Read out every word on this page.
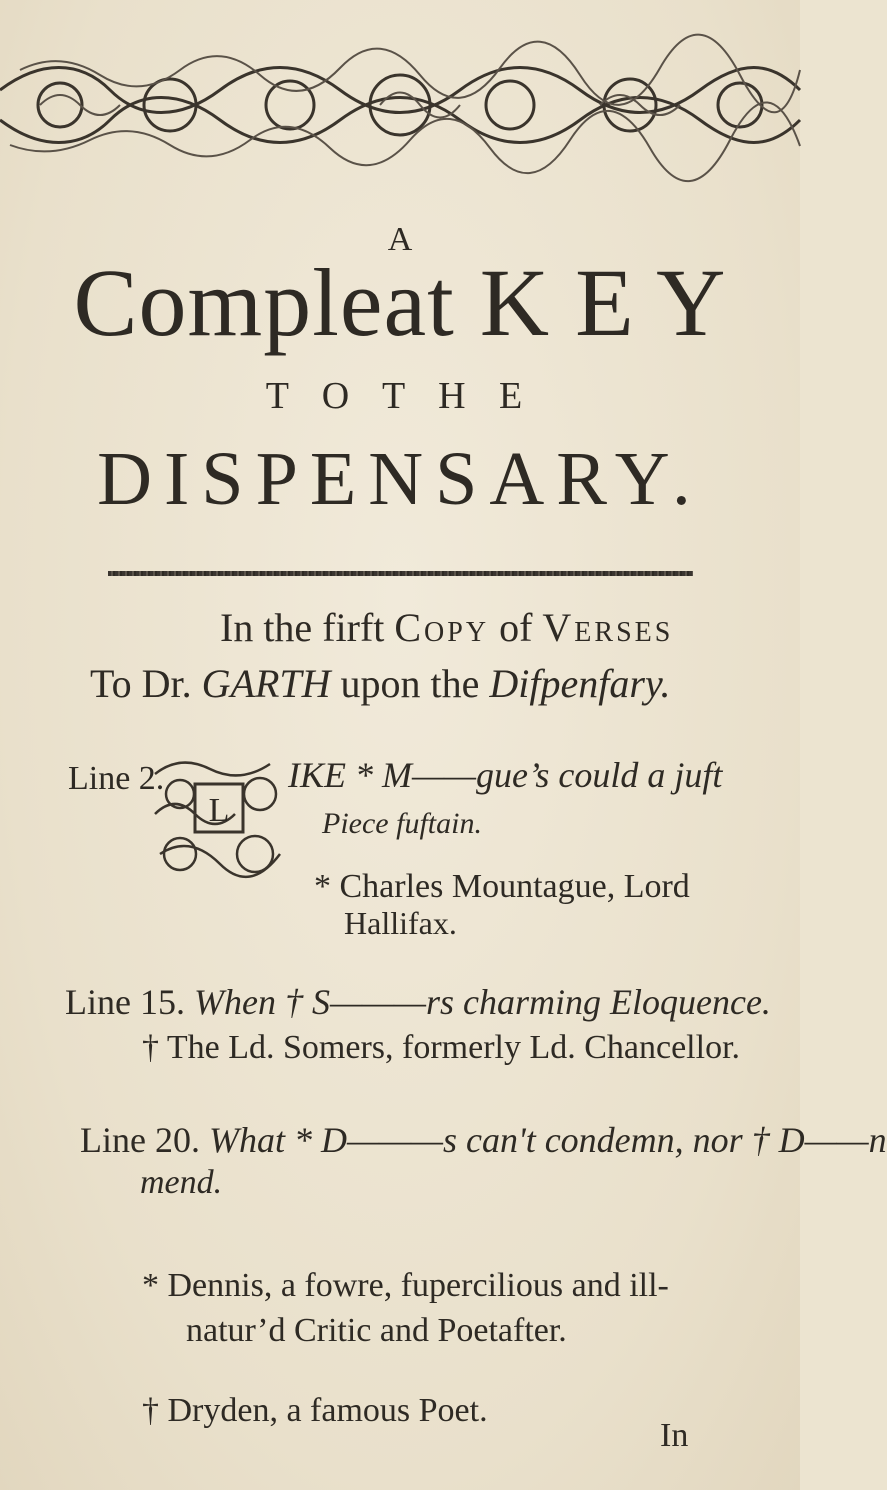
A
Compleat K E Y
T O T H E
DISPENSARY.
In the firft Copy of Verses
To Dr. GARTH upon the Difpenfary.
Line 2.
L
IKE * M——gue’s could a juft
Piece fuftain.
* Charles Mountague, Lord
Hallifax.
Line 15. When † S———rs charming Eloquence.
† The Ld. Somers, formerly Ld. Chancellor.
Line 20. What * D———s can't condemn, nor † D——n
mend.
* Dennis, a fowre, fupercilious and ill-
natur’d Critic and Poetafter.
† Dryden, a famous Poet.
In
